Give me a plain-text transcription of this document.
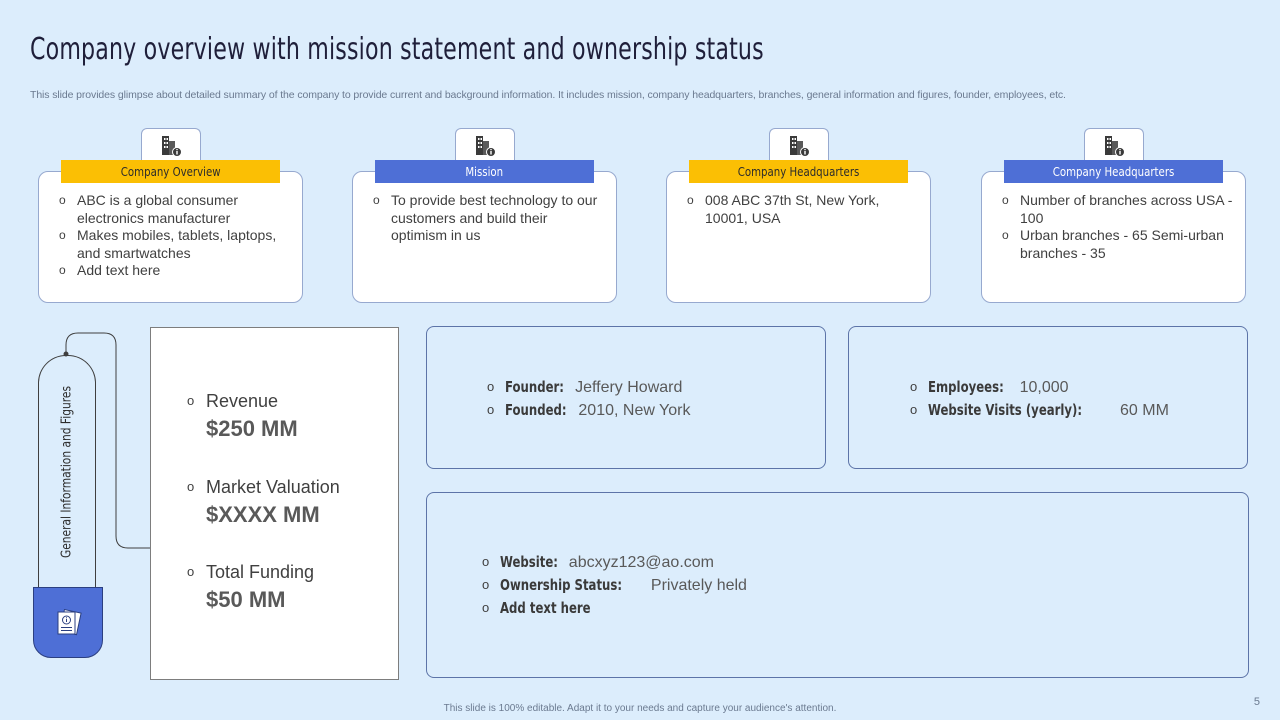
Company overview with mission statement and ownership status
This slide provides glimpse about detailed summary of the company to provide current and background information. It includes mission, company headquarters, branches, general information and figures, founder, employees, etc.
Company Overview
o ABC is a global consumer electronics manufacturer
o Makes mobiles, tablets, laptops, and smartwatches
o Add text here
Mission
o To provide best technology to our customers and build their optimism in us
Company Headquarters
o 008 ABC 37th St, New York, 10001, USA
Company Headquarters
o Number of branches across USA - 100
o Urban branches - 65 Semi-urban branches - 35
General Information and Figures
o	Revenue
$250 MM
o Market Valuation
$XXXX MM
o Total Funding
$50 MM
o Founder: Jeffery Howard
o Founded: 2010, New York
o Employees: 10,000
o Website Visits (yearly): 60 MM
o Website: abcxyz123@ao.com
o Ownership Status: Privately held
o Add text here
This slide is 100% editable. Adapt it to your needs and capture your audience's attention.
5
